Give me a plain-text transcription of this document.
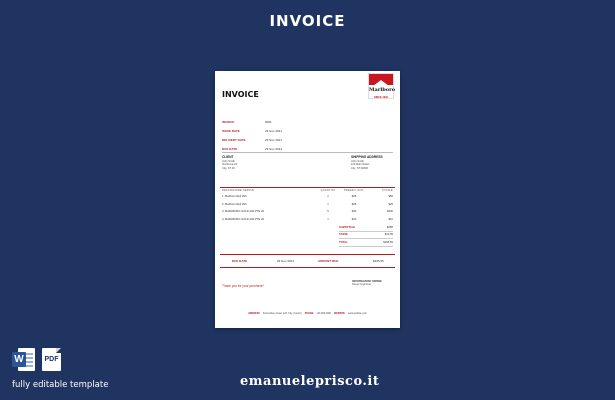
INVOICE
Marlboro
SINCE 1902
INVOICE
INVOICE	0001
ISSUE DATE	29 Nov 2021
DELIVERY DATE	29 Nov 2021
DUE DATE	29 Nov 2021
CLIENT
John Smith
Via Roma 23
City, ST 00
SHIPPING ADDRESS
John Smith
123 Main Street
City, ST 00000
DESCRIZIONE SERVIZI	QUANTITÀ	PREZZO UNIT.	TOTALE
1. Marlboro Red 20S	2	$25	$50
2. Marlboro Red 20S	1	$25	$25
3. MARLBORO GOLD 20S PTE 20	5	$40	$200
4. MARLBORO GOLD 20S PTE 20	1	$10	$10
SUBTOTALE	$285
TASSE	$10.65
TOTAL	$295.65
DUE DATE	29 Nov 2021	AMOUNT DUE	$295.65
Thank you for your purchase!
INFORMAZIONI ORDINE
Nome Cognome
ADDRESS Somewhere street 123, City, Country PHONE +00 000 0000 WEBSITE www.website.com
W	PDF
fully editable template	emanueleprisco.it
